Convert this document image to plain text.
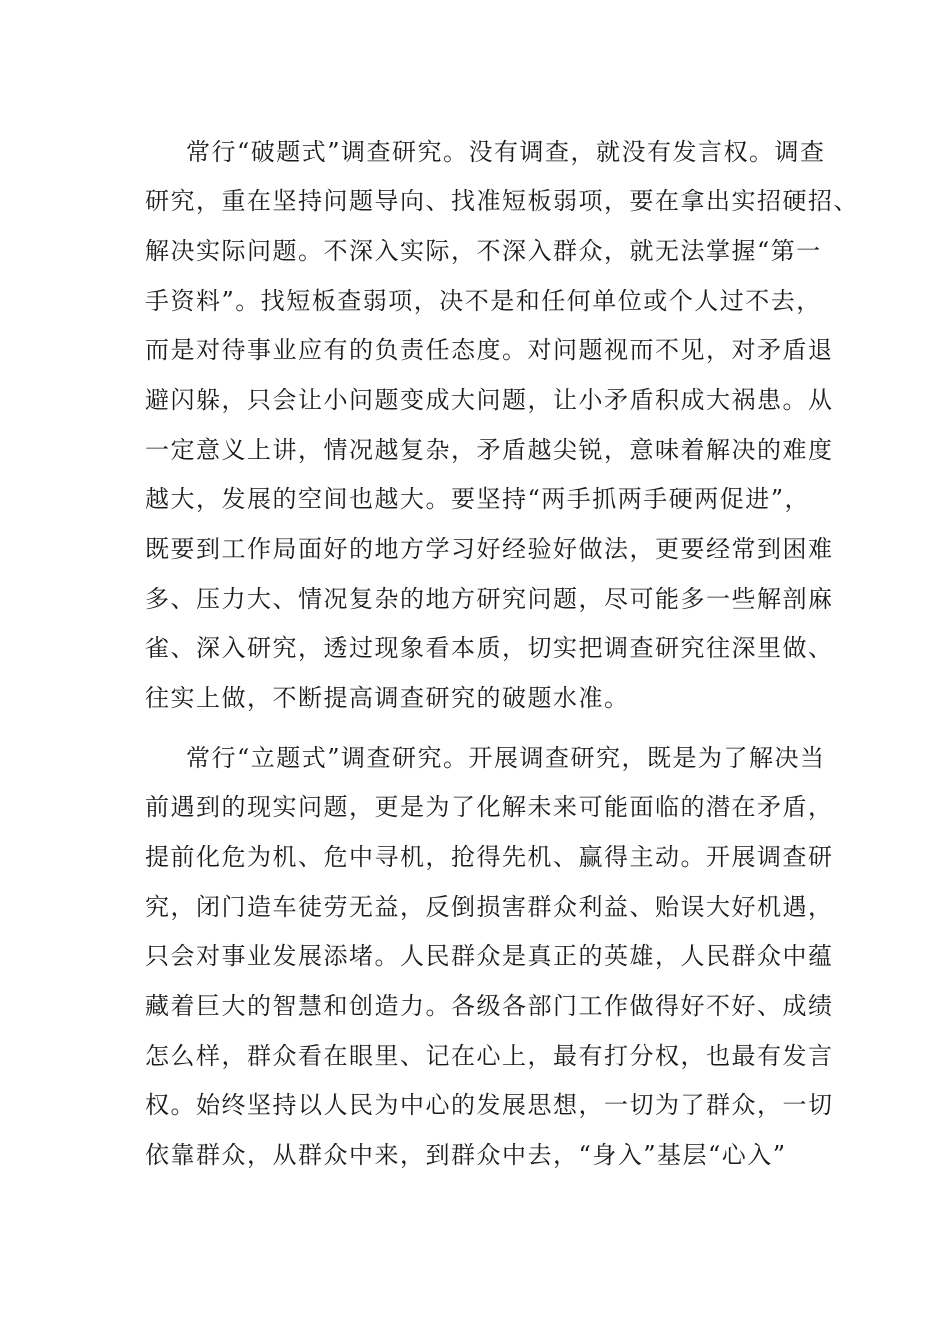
常行“破题式”调查研究。没有调查，就没有发言权。调查
研究，重在坚持问题导向、找准短板弱项，要在拿出实招硬招、
解决实际问题。不深入实际，不深入群众，就无法掌握“第一
手资料”。找短板查弱项，决不是和任何单位或个人过不去，
而是对待事业应有的负责任态度。对问题视而不见，对矛盾退
避闪躲，只会让小问题变成大问题，让小矛盾积成大祸患。从
一定意义上讲，情况越复杂，矛盾越尖锐，意味着解决的难度
越大，发展的空间也越大。要坚持“两手抓两手硬两促进”，
既要到工作局面好的地方学习好经验好做法，更要经常到困难
多、压力大、情况复杂的地方研究问题，尽可能多一些解剖麻
雀、深入研究，透过现象看本质，切实把调查研究往深里做、
往实上做，不断提高调查研究的破题水准。
常行“立题式”调查研究。开展调查研究，既是为了解决当
前遇到的现实问题，更是为了化解未来可能面临的潜在矛盾，
提前化危为机、危中寻机，抢得先机、赢得主动。开展调查研
究，闭门造车徒劳无益，反倒损害群众利益、贻误大好机遇，
只会对事业发展添堵。人民群众是真正的英雄，人民群众中蕴
藏着巨大的智慧和创造力。各级各部门工作做得好不好、成绩
怎么样，群众看在眼里、记在心上，最有打分权，也最有发言
权。始终坚持以人民为中心的发展思想，一切为了群众，一切
依靠群众，从群众中来，到群众中去，“身入”基层“心入”
